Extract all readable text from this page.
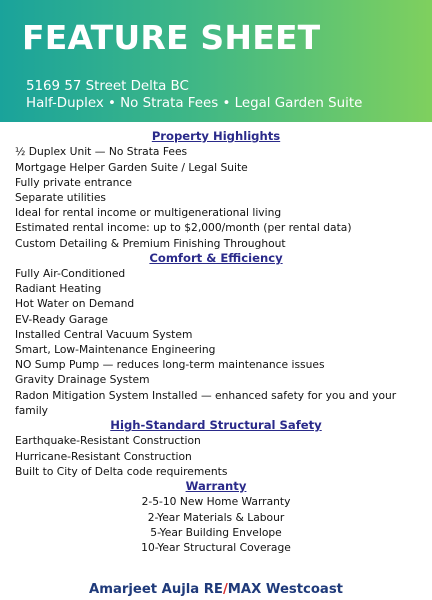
FEATURE SHEET
5169 57 Street Delta BC
Half-Duplex • No Strata Fees • Legal Garden Suite
Property Highlights
½ Duplex Unit — No Strata Fees
Mortgage Helper Garden Suite / Legal Suite
Fully private entrance
Separate utilities
Ideal for rental income or multigenerational living
Estimated rental income: up to $2,000/month (per rental data)
Custom Detailing & Premium Finishing Throughout
Comfort & Efficiency
Fully Air-Conditioned
Radiant Heating
Hot Water on Demand
EV-Ready Garage
Installed Central Vacuum System
Smart, Low-Maintenance Engineering
NO Sump Pump — reduces long-term maintenance issues
Gravity Drainage System
Radon Mitigation System Installed — enhanced safety for you and your family
High-Standard Structural Safety
Earthquake-Resistant Construction
Hurricane-Resistant Construction
Built to City of Delta code requirements
Warranty
2-5-10 New Home Warranty
2-Year Materials & Labour
5-Year Building Envelope
10-Year Structural Coverage
Amarjeet Aujla RE/MAX Westcoast
